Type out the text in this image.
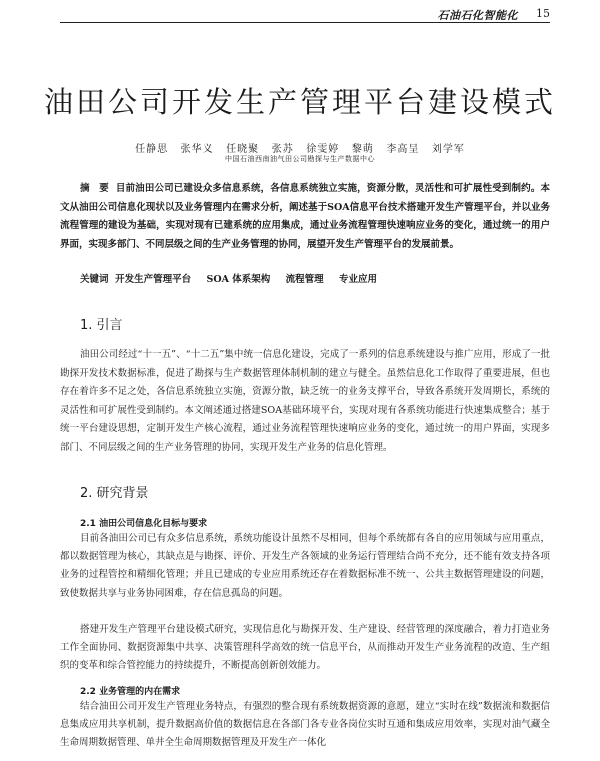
石油石化智能化 15
油田公司开发生产管理平台建设模式
任静思 张华义 任晓聚 张苏 徐雯婷 黎萌 李高呈 刘学军
中国石油西南油气田公司勘探与生产数据中心
摘　要 目前油田公司已建设众多信息系统，各信息系统独立实施，资源分散，灵活性和可扩展性受到制约。本文从油田公司信息化现状以及业务管理内在需求分析，阐述基于SOA信息平台技术搭建开发生产管理平台，并以业务流程管理的建设为基础，实现对现有已建系统的应用集成，通过业务流程管理快速响应业务的变化，通过统一的用户界面，实现多部门、不同层级之间的生产业务管理的协同，展望开发生产管理平台的发展前景。
关键词 开发生产管理平台 SOA 体系架构 流程管理 专业应用
1. 引言
油田公司经过“十一五”、“十二五”集中统一信息化建设，完成了一系列的信息系统建设与推广应用，形成了一批勘探开发技术数据标准，促进了勘探与生产数据管理体制机制的建立与健全。虽然信息化工作取得了重要进展，但也存在着许多不足之处，各信息系统独立实施，资源分散，缺乏统一的业务支撑平台，导致各系统开发周期长，系统的灵活性和可扩展性受到制约。本文阐述通过搭建SOA基础环境平台，实现对现有各系统功能进行快速集成整合；基于统一平台建设思想，定制开发生产核心流程，通过业务流程管理快速响应业务的变化，通过统一的用户界面，实现多部门、不同层级之间的生产业务管理的协同，实现开发生产业务的信息化管理。
2. 研究背景
2.1 油田公司信息化目标与要求
目前各油田公司已有众多信息系统，系统功能设计虽然不尽相同，但每个系统都有各自的应用领域与应用重点，都以数据管理为核心，其缺点是与勘探、评价、开发生产各领域的业务运行管理结合尚不充分，还不能有效支持各项业务的过程管控和精细化管理；并且已建成的专业应用系统还存在着数据标准不统一、公共主数据管理建设的问题，致使数据共享与业务协同困难，存在信息孤岛的问题。
搭建开发生产管理平台建设模式研究，实现信息化与勘探开发、生产建设、经营管理的深度融合，着力打造业务工作全面协同、数据资源集中共享、决策管理科学高效的统一信息平台，从而推动开发生产业务流程的改造、生产组织的变革和综合管控能力的持续提升，不断提高创新创效能力。
2.2 业务管理的内在需求
结合油田公司开发生产管理业务特点，有强烈的整合现有系统数据资源的意愿，建立“实时在线”数据流和数据信息集成应用共享机制，提升数据高价值的数据信息在各部门各专业各岗位实时互通和集成应用效率，实现对油气藏全生命周期数据管理、单井全生命周期数据管理及开发生产一体化
